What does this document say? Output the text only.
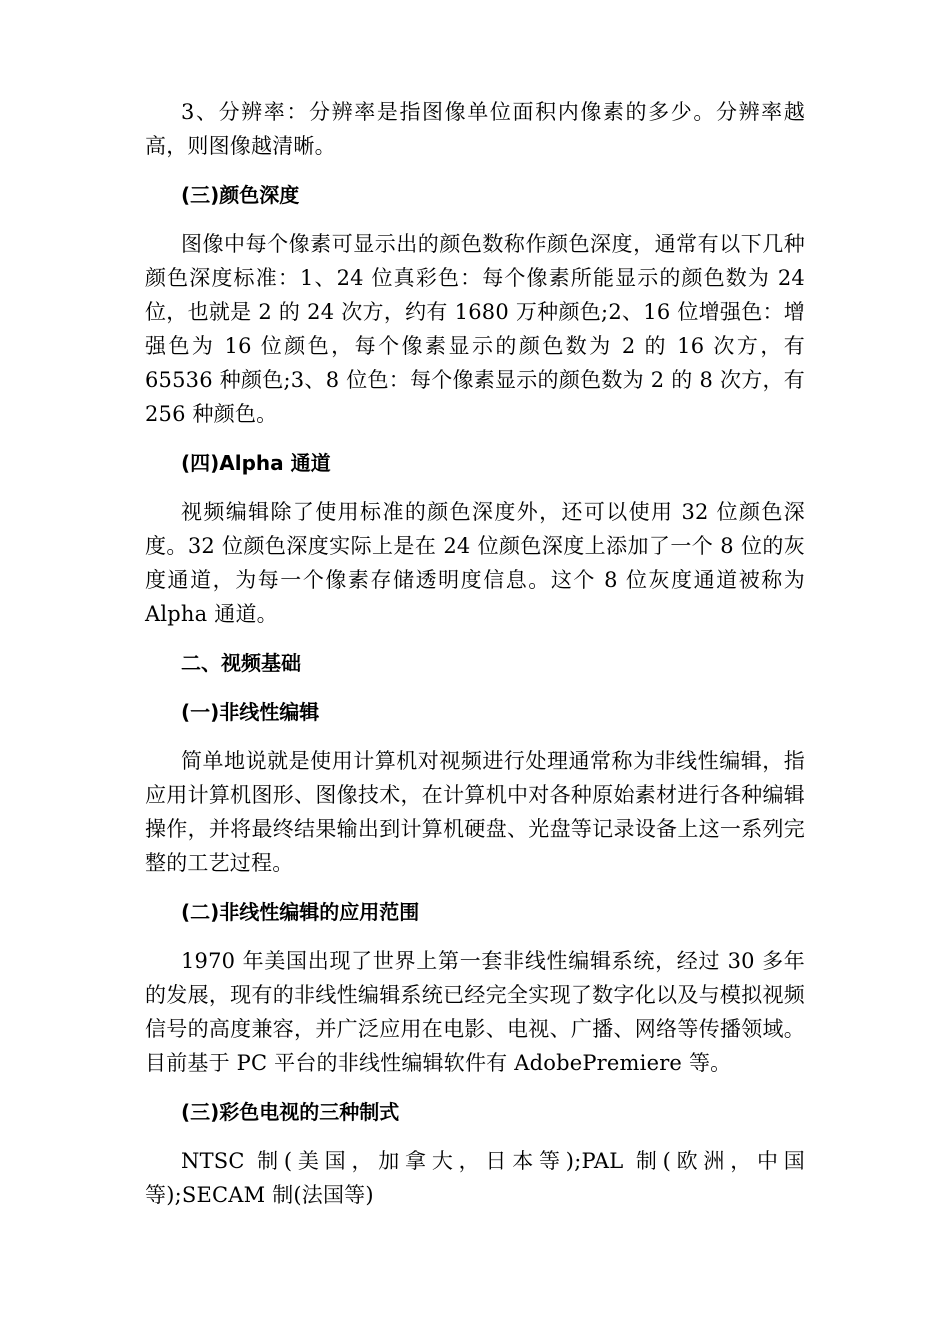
3、分辨率：分辨率是指图像单位面积内像素的多少。分辨率越高，则图像越清晰。

(三)颜色深度

图像中每个像素可显示出的颜色数称作颜色深度，通常有以下几种颜色深度标准：1、24 位真彩色：每个像素所能显示的颜色数为 24 位，也就是 2 的 24 次方，约有 1680 万种颜色;2、16 位增强色：增强色为 16 位颜色，每个像素显示的颜色数为 2 的 16 次方，有 65536 种颜色;3、8 位色：每个像素显示的颜色数为 2 的 8 次方，有 256 种颜色。

(四)Alpha 通道

视频编辑除了使用标准的颜色深度外，还可以使用 32 位颜色深度。32 位颜色深度实际上是在 24 位颜色深度上添加了一个 8 位的灰度通道，为每一个像素存储透明度信息。这个 8 位灰度通道被称为 Alpha 通道。

二、视频基础

(一)非线性编辑

简单地说就是使用计算机对视频进行处理通常称为非线性编辑，指应用计算机图形、图像技术，在计算机中对各种原始素材进行各种编辑操作，并将最终结果输出到计算机硬盘、光盘等记录设备上这一系列完整的工艺过程。

(二)非线性编辑的应用范围

1970 年美国出现了世界上第一套非线性编辑系统，经过 30 多年的发展，现有的非线性编辑系统已经完全实现了数字化以及与模拟视频信号的高度兼容，并广泛应用在电影、电视、广播、网络等传播领域。目前基于 PC 平台的非线性编辑软件有 AdobePremiere 等。

(三)彩色电视的三种制式

NTSC 制(美国，加拿大，日本等);PAL 制(欧洲，中国等);SECAM 制(法国等)
